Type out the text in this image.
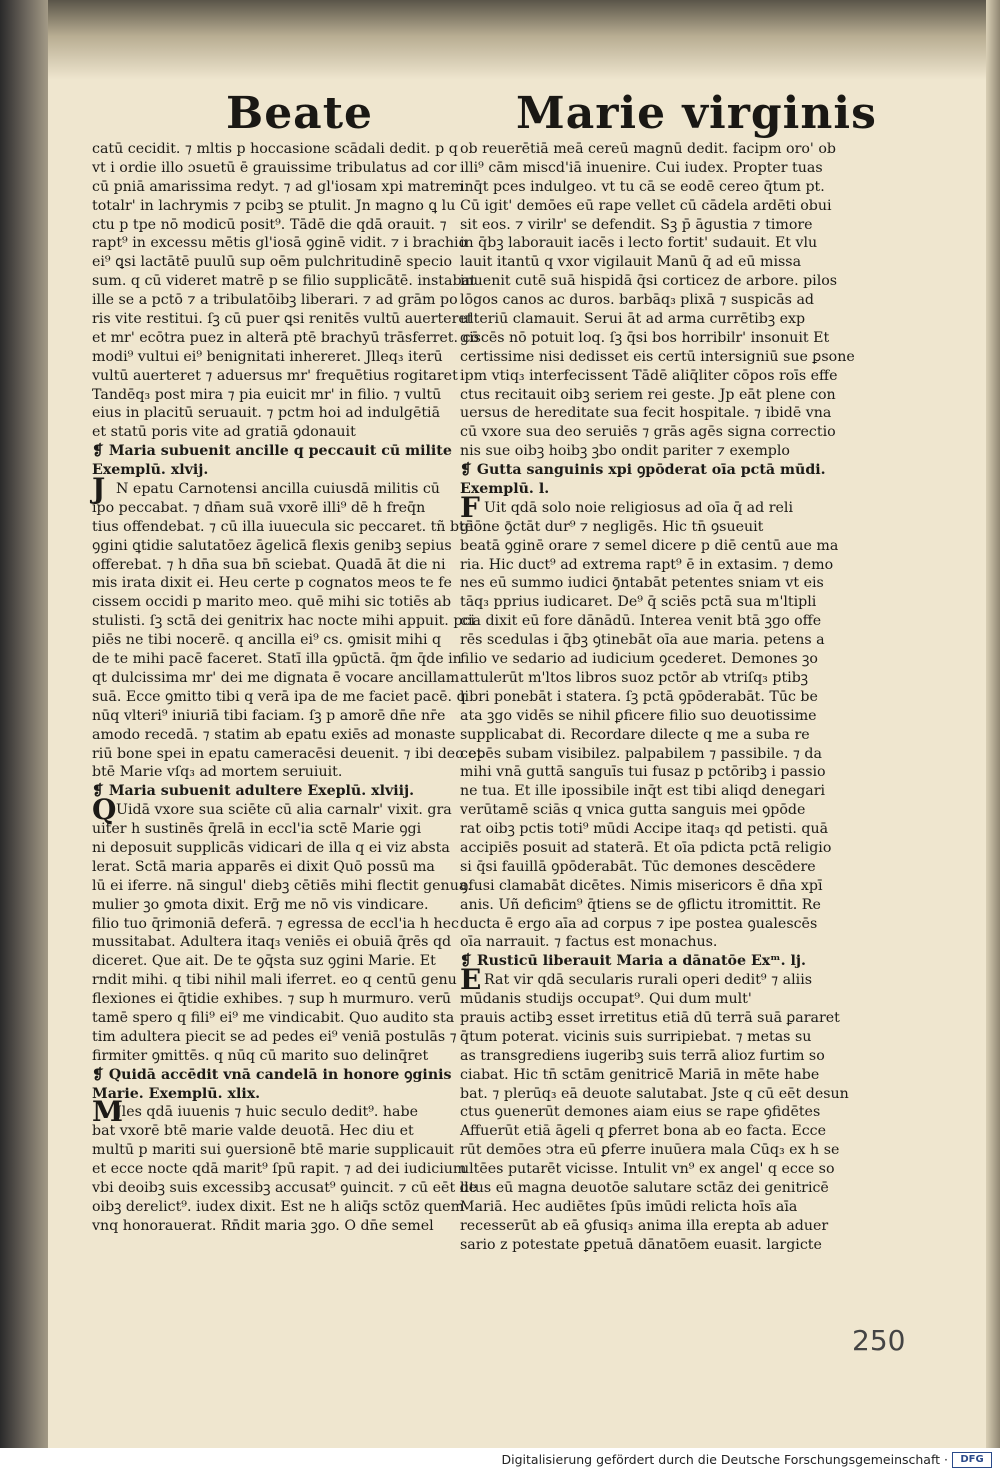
Beate	Marie virginis
catū cecidit. ⁊ mltis p hoccasione scādali dedit. p q
vt i ordie illo ɔsuetū ē grauissime tribulatus ad cor
cū pniā amarissima redyt. ⁊ ad gl'iosam xpi matrem
totalr' in lachrymis ⁊ pcibꝫ se ptulit. Jn magno ꝗ lu
ctu p tpe nō modicū posit⁹. Tādē die qdā orauit. ⁊
rapt⁹ in excessu mētis gl'iosā ꝯginē vidit. ⁊ i brachio
ei⁹ ꝗsi lactātē puulū sup oēm pulchritudinē specio
sum. q cū videret matrē p se filio supplicātē. instabat
ille se a pctō ⁊ a tribulatōibꝫ liberari. ⁊ ad grām po
ris vite restitui. ſꝫ cū puer ꝗsi renitēs vultū auerteret
et mr' ecōtra puez in alterā ptē brachyū trāsferret. cō
modi⁹ vultui ei⁹ benignitati inhereret. Jlleq₃ iterū
vultū auerteret ⁊ aduersus mr' frequētius rogitaret
Tandēq₃ post mira ⁊ pia euicit mr' in filio. ⁊ vultū
eius in placitū seruauit. ⁊ pctm hoi ad indulgētiā
et statū poris vite ad gratiā ꝯdonauit
❡ Maria subuenit ancille q peccauit cū milite
Exemplū. xlvij.
J N epatu Carnotensi ancilla cuiusdā militis cū
ipo peccabat. ⁊ dn̄am suā vxorē illi⁹ dē h freq̄n
tius offendebat. ⁊ cū illa iuuecula sic peccaret. tñ btē
ꝯgini ꝗtidie salutatōez āgelicā flexis genibꝫ sepius
offerebat. ⁊ h dn̄a sua bn̄ sciebat. Quadā āt die ni
mis irata dixit ei. Heu certe p cognatos meos te fe
cissem occidi p marito meo. quē mihi sic totiēs ab
stulisti. ſꝫ sctā dei genitrix hac nocte mihi appuit. pci
piēs ne tibi nocerē. q ancilla ei⁹ cs. ꝯmisit mihi q
de te mihi pacē faceret. Statī illa ꝯpūctā. q̄m q̄de in
qt dulcissima mr' dei me dignata ē vocare ancillam
suā. Ecce ꝯmitto tibi q verā ipa de me faciet pacē. q
nūq vlteri⁹ iniuriā tibi faciam. ſꝫ p amorē dn̄e nr̄e
amodo recedā. ⁊ statim ab epatu exiēs ad monaste
riū bone spei in epatu cameracēsi deuenit. ⁊ ibi deo et
btē Marie vſq₃ ad mortem seruiuit.
❡ Maria subuenit adultere Exeplū. xlviij.
QUidā vxore sua sciēte cū alia carnalr' vixit. gra
uiter h sustinēs q̄relā in eccl'ia sctē Marie ꝯgi
ni deposuit supplicās vidicari de illa q ei viz absta
lerat. Sctā maria apparēs ei dixit Quō possū ma
lū ei iferre. nā singul' diebꝫ cētiēs mihi flectit genua.
mulier ꝫo ꝯmota dixit. Erḡ me nō vis vindicare.
filio tuo q̄rimoniā deferā. ⁊ egressa de eccl'ia h hec
mussitabat. Adultera itaq₃ veniēs ei obuiā q̄rēs qd
diceret. Que ait. De te ꝯq̄sta suz ꝯgini Marie. Et
rndit mihi. q tibi nihil mali iferret. eo q centū genu
flexiones ei q̄tidie exhibes. ⁊ sup h murmuro. verū
tamē spero q fili⁹ ei⁹ me vindicabit. Quo audito sta
tim adultera piecit se ad pedes ei⁹ veniā postulās ⁊
firmiter ꝯmittēs. q nūq cū marito suo delinq̄ret
❡ Quidā accēdit vnā candelā in honore ꝯginis
Marie. Exemplū. xlix.
MJles qdā iuuenis ⁊ huic seculo dedit⁹. habe
bat vxorē btē marie valde deuotā. Hec diu et
multū p mariti sui ꝯuersionē btē marie supplicauit
et ecce nocte qdā marit⁹ ſpū rapit. ⁊ ad dei iudicium
vbi deoibꝫ suis excessibꝫ accusat⁹ ꝯuincit. ⁊ cū eēt de
oibꝫ derelict⁹. iudex dixit. Est ne h aliq̄s sctōz quem
vnq honorauerat. Rn̄dit maria ꝫgo. O dn̄e semel
ob reuerētiā meā cereū magnū dedit. facipm oro' ob
illi⁹ cām miscd'iā inuenire. Cui iudex. Propter tuas
inq̄t pces indulgeo. vt tu cā se eodē cereo q̄tum pt.
Cū igit' demōes eū rape vellet cū cādela ardēti obui
sit eos. ⁊ virilr' se defendit. Sꝫ p̄ āgustia ⁊ timore
in q̄bꝫ laborauit iacēs i lecto fortit' sudauit. Et vlu
lauit itantū q vxor vigilauit Manū q̄ ad eū missa
inuenit cutē suā hispidā q̄si corticez de arbore. pilos
lōgos canos ac duros. barbāq₃ plixā ⁊ suspicās ad
ulteriū clamauit. Serui āt ad arma currētibꝫ exp
giscēs nō potuit loq. ſꝫ q̄si bos horribilr' insonuit Et
certissime nisi dedisset eis certū intersigniū sue ꝑsone
ipm vtiq₃ interfecissent Tādē aliq̄liter cōpos roīs effe
ctus recitauit oibꝫ seriem rei geste. Jp eāt plene con
uersus de hereditate sua fecit hospitale. ⁊ ibidē vna
cū vxore sua deo seruiēs ⁊ grās agēs signa correctio
nis sue oibꝫ hoibꝫ ꝫbo ondit pariter ⁊ exemplo
❡ Gutta sanguinis xpi ꝯpōderat oīa pctā mūdi.
Exemplū. l.
F Uit qdā solo noie religiosus ad oīa q̄ ad reli
giōne ꝯ̄ctāt dur⁹ ⁊ negligēs. Hic tn̄ ꝯsueuit
beatā ꝯginē orare ⁊ semel dicere p diē centū aue ma
ria. Hic duct⁹ ad extrema rapt⁹ ē in extasim. ⁊ demo
nes eū summo iudici ꝯ̄ntabāt petentes sniam vt eis
tāq₃ pprius iudicaret. De⁹ q̄ sciēs pctā sua m'ltipli
cia dixit eū fore dānādū. Interea venit btā ꝫgo offe
rēs scedulas i q̄bꝫ ꝯtinebāt oīa aue maria. petens a
filio ve sedario ad iudicium ꝯcederet. Demones ꝫo
attulerūt m'ltos libros suoz pctōr ab vtriſq₃ ptibꝫ
libri ponebāt i statera. ſꝫ pctā ꝯpōderabāt. Tūc be
ata ꝫgo vidēs se nihil ꝑficere filio suo deuotissime
supplicabat di. Recordare dilecte q me a suba re
cepēs subam visibilez. palpabilem ⁊ passibile. ⁊ da
mihi vnā guttā sanguīs tui fusaz p pctōribꝫ i passio
ne tua. Et ille ipossibile inq̄t est tibi aliqd denegari
verūtamē sciās q vnica gutta sanguis mei ꝯpōde
rat oibꝫ pctis toti⁹ mūdi Accipe itaq₃ qd petisti. quā
accipiēs posuit ad staterā. Et oīa pdicta pctā religio
si q̄si fauillā ꝯpōderabāt. Tūc demones descēdere
ꝯfusi clamabāt dicētes. Nimis misericors ē dn̄a xpī
anis. Uñ deficim⁹ q̄tiens se de ꝯflictu itromittit. Re
ducta ē ergo aīa ad corpus ⁊ ipe postea ꝯualescēs
oīa narrauit. ⁊ factus est monachus.
❡ Rusticū liberauit Maria a dānatōe Exᵐ. lj.
E Rat vir qdā secularis rurali operi dedit⁹ ⁊ aliis
mūdanis studijs occupat⁹. Qui dum mult'
prauis actibꝫ esset irretitus etiā dū terrā suā ꝑararet
q̄tum poterat. vicinis suis surripiebat. ⁊ metas su
as transgrediens iugeribꝫ suis terrā alioz furtim so
ciabat. Hic tn̄ sctām genitricē Mariā in mēte habe
bat. ⁊ plerūq₃ eā deuote salutabat. Jste q cū eēt desun
ctus ꝯuenerūt demones aiam eius se rape ꝯfidētes
Affuerūt etiā āgeli q ꝑferret bona ab eo facta. Ecce
rūt demōes ↄtra eū ꝑferre inuūera mala Cūq₃ ex h se
ultēes putarēt vicisse. Intulit vn⁹ ex angel' q ecce so
litus eū magna deuotōe salutare sctāz dei genitricē
Mariā. Hec audiētes ſpūs imūdi relicta hoīs aīa
recesserūt ab eā ꝯfusiq₃ anima illa erepta ab aduer
sario z potestate ꝑpetuā dānatōem euasit. largicte
250
Digitalisierung gefördert durch die Deutsche Forschungsgemeinschaft ·	DFG
